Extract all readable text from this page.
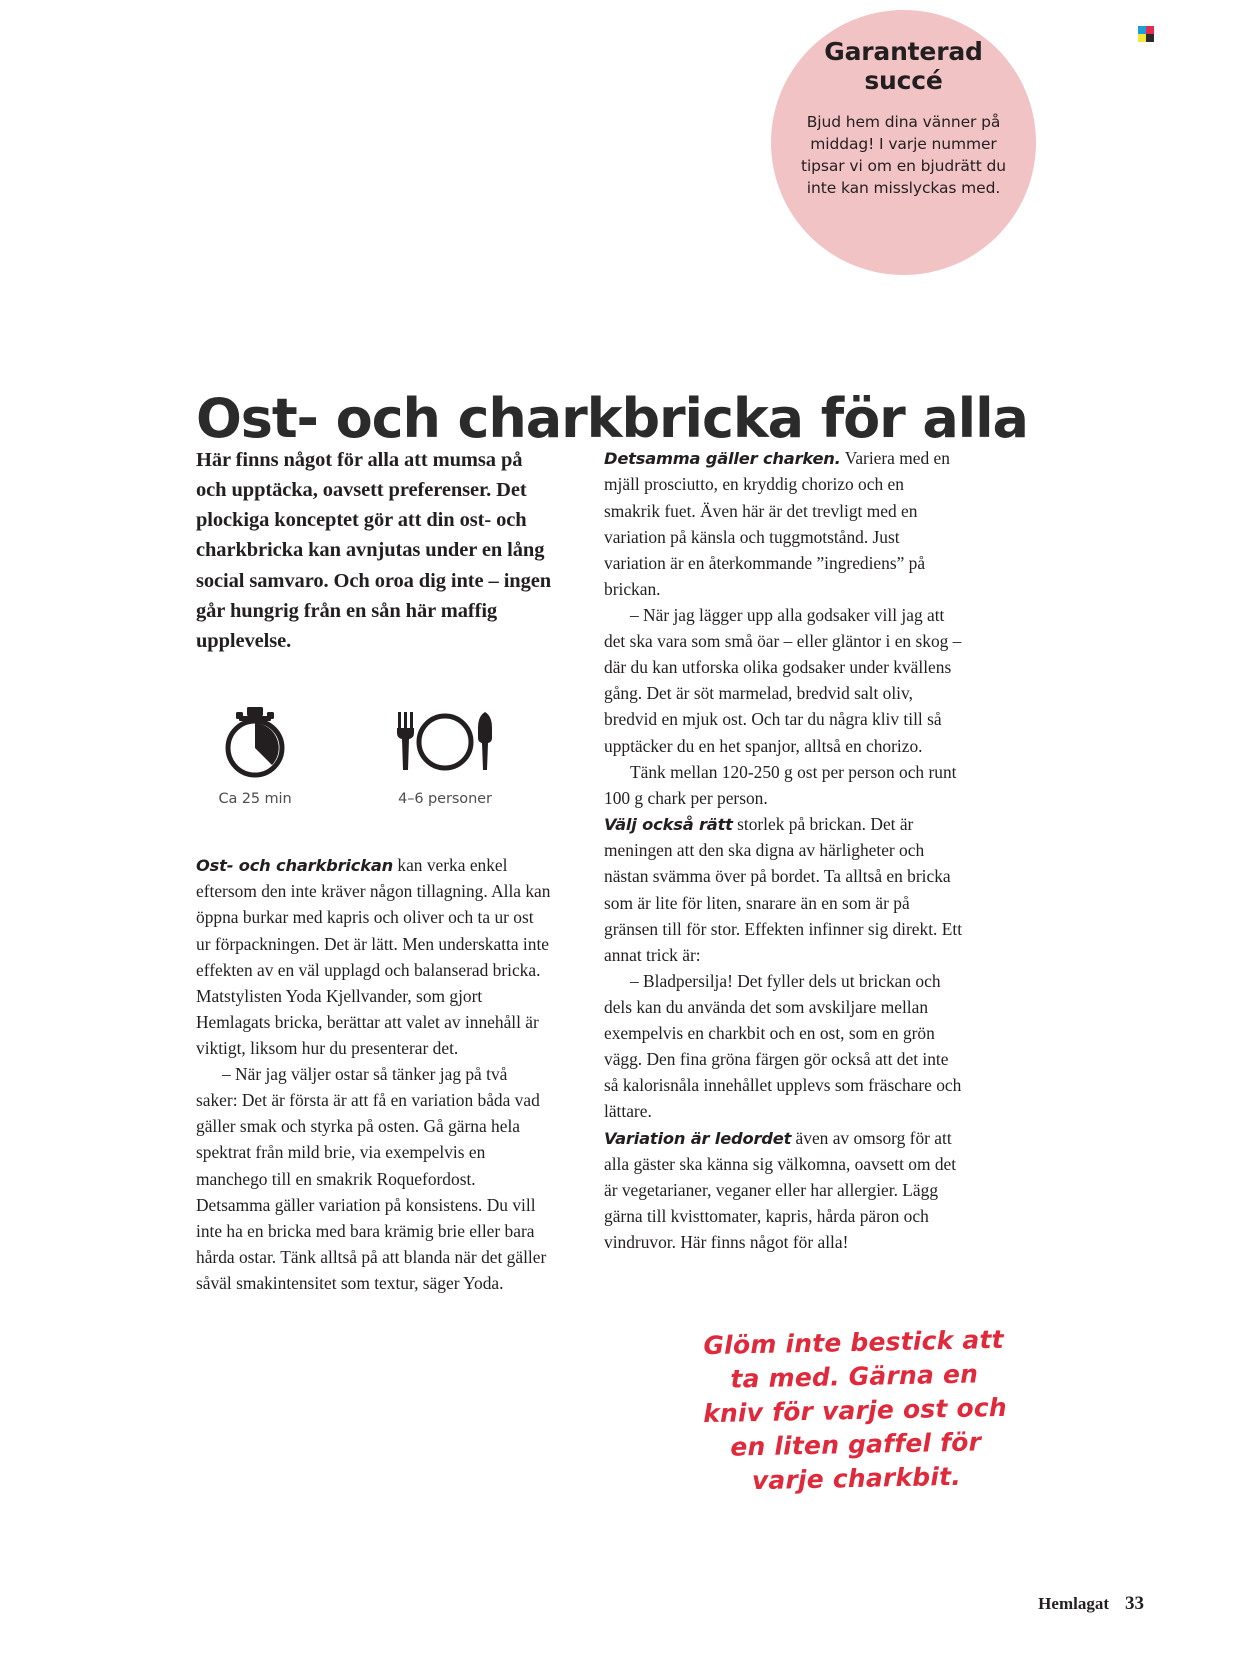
Garanterad succé
Bjud hem dina vänner på middag! I varje nummer tipsar vi om en bjudrätt du inte kan misslyckas med.
Ost- och charkbricka för alla

Här finns något för alla att mumsa på och upptäcka, oavsett preferenser. Det plockiga konceptet gör att din ost- och charkbricka kan avnjutas under en lång social samvaro. Och oroa dig inte – ingen går hungrig från en sån här maffig upplevelse.

Ca 25 min	4–6 personer

Ost- och charkbrickan kan verka enkel eftersom den inte kräver någon tillagning. Alla kan öppna burkar med kapris och oliver och ta ur ost ur förpackningen. Det är lätt. Men underskatta inte effekten av en väl upplagd och balanserad bricka. Matstylisten Yoda Kjellvander, som gjort Hemlagats bricka, berättar att valet av innehåll är viktigt, liksom hur du presenterar det.

– När jag väljer ostar så tänker jag på två saker: Det är första är att få en variation båda vad gäller smak och styrka på osten. Gå gärna hela spektrat från mild brie, via exempelvis en manchego till en smakrik Roquefordost. Detsamma gäller variation på konsistens. Du vill inte ha en bricka med bara krämig brie eller bara hårda ostar. Tänk alltså på att blanda när det gäller såväl smakintensitet som textur, säger Yoda.

Detsamma gäller charken. Variera med en mjäll prosciutto, en kryddig chorizo och en smakrik fuet. Även här är det trevligt med en variation på känsla och tuggmotstånd. Just variation är en återkommande ”ingrediens” på brickan.

– När jag lägger upp alla godsaker vill jag att det ska vara som små öar – eller gläntor i en skog – där du kan utforska olika godsaker under kvällens gång. Det är söt marmelad, bredvid salt oliv, bredvid en mjuk ost. Och tar du några kliv till så upptäcker du en het spanjor, alltså en chorizo.

Tänk mellan 120-250 g ost per person och runt 100 g chark per person.

Välj också rätt storlek på brickan. Det är meningen att den ska digna av härligheter och nästan svämma över på bordet. Ta alltså en bricka som är lite för liten, snarare än en som är på gränsen till för stor. Effekten infinner sig direkt. Ett annat trick är:

– Bladpersilja! Det fyller dels ut brickan och dels kan du använda det som avskiljare mellan exempelvis en charkbit och en ost, som en grön vägg. Den fina gröna färgen gör också att det inte så kalorisnåla innehållet upplevs som fräschare och lättare.

Variation är ledordet även av omsorg för att alla gäster ska känna sig välkomna, oavsett om det är vegetarianer, veganer eller har allergier. Lägg gärna till kvisttomater, kapris, hårda päron och vindruvor. Här finns något för alla!

Glöm inte bestick att ta med. Gärna en kniv för varje ost och en liten gaffel för varje charkbit.
Hemlagat 33
